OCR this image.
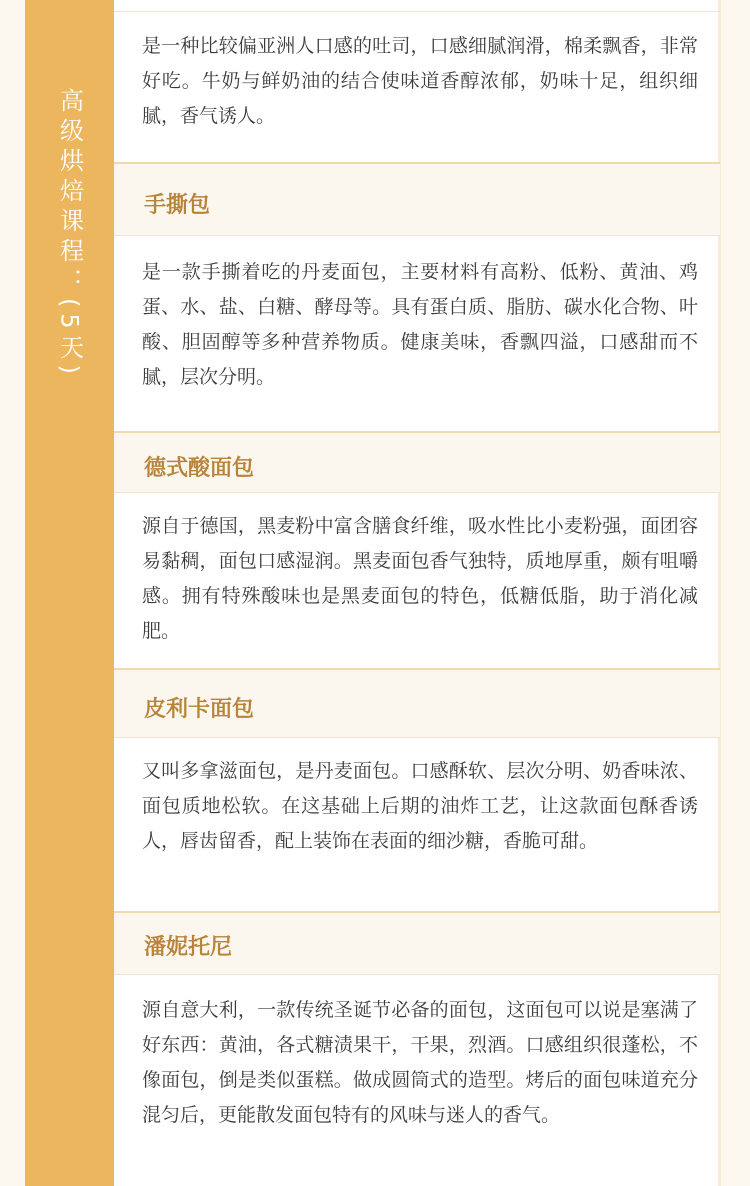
高级烘焙课程：(5天)
是一种比较偏亚洲人口感的吐司，口感细腻润滑，棉柔飘香，非常好吃。牛奶与鲜奶油的结合使味道香醇浓郁，奶味十足，组织细腻，香气诱人。
手撕包
是一款手撕着吃的丹麦面包，主要材料有高粉、低粉、黄油、鸡蛋、水、盐、白糖、酵母等。具有蛋白质、脂肪、碳水化合物、叶酸、胆固醇等多种营养物质。健康美味，香飘四溢，口感甜而不腻，层次分明。
德式酸面包
源自于德国，黑麦粉中富含膳食纤维，吸水性比小麦粉强，面团容易黏稠，面包口感湿润。黑麦面包香气独特，质地厚重，颇有咀嚼感。拥有特殊酸味也是黑麦面包的特色，低糖低脂，助于消化减肥。
皮利卡面包
又叫多拿滋面包，是丹麦面包。口感酥软、层次分明、奶香味浓、面包质地松软。在这基础上后期的油炸工艺，让这款面包酥香诱人，唇齿留香，配上装饰在表面的细沙糖，香脆可甜。
潘妮托尼
源自意大利，一款传统圣诞节必备的面包，这面包可以说是塞满了好东西：黄油，各式糖渍果干，干果，烈酒。口感组织很蓬松，不像面包，倒是类似蛋糕。做成圆筒式的造型。烤后的面包味道充分混匀后，更能散发面包特有的风味与迷人的香气。
